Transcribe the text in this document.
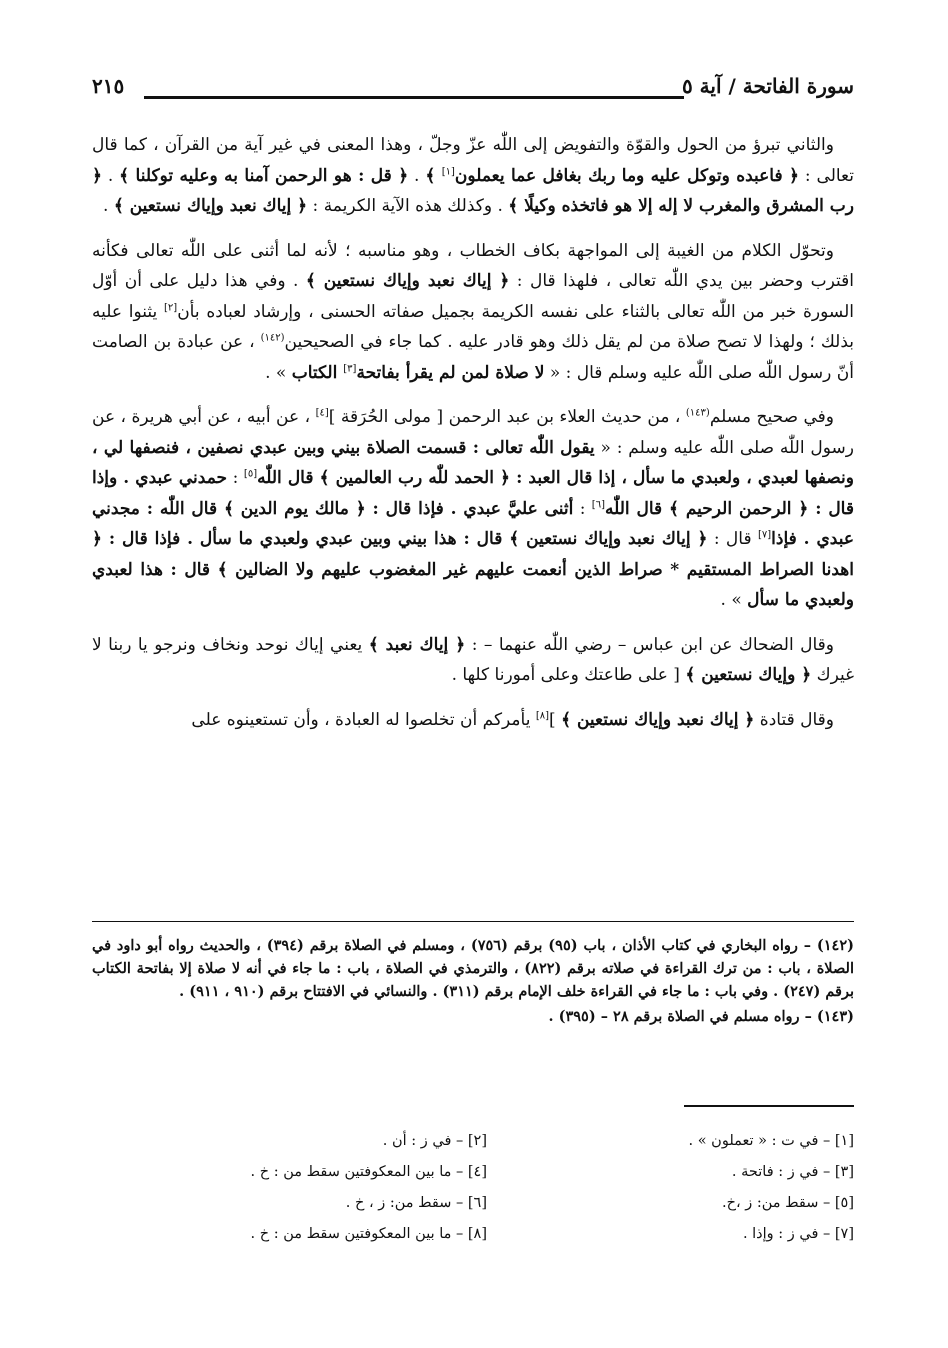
سورة الفاتحة / آية ٥
٢١٥

والثاني تبرؤ من الحول والقوّة والتفويض إلى اللّٰه عزّ وجلّ ، وهذا المعنى في غير آية من القرآن ، كما قال تعالى : ﴿ فاعبده وتوكل عليه وما ربك بغافل عما يعملون[١] ﴾ . ﴿ قل : هو الرحمن آمنا به وعليه توكلنا ﴾ . ﴿ رب المشرق والمغرب لا إله إلا هو فاتخذه وكيلًا ﴾ . وكذلك هذه الآية الكريمة : ﴿ إياك نعبد وإياك نستعين ﴾ .

وتحوّل الكلام من الغيبة إلى المواجهة بكاف الخطاب ، وهو مناسبه ؛ لأنه لما أثنى على اللّٰه تعالى فكأنه اقترب وحضر بين يدي اللّٰه تعالى ، فلهذا قال : ﴿ إياك نعبد وإياك نستعين ﴾ . وفي هذا دليل على أن أوّل السورة خبر من اللّٰه تعالى بالثناء على نفسه الكريمة بجميل صفاته الحسنى ، وإرشاد لعباده بأن[٢] يثنوا عليه بذلك ؛ ولهذا لا تصح صلاة من لم يقل ذلك وهو قادر عليه . كما جاء في الصحيحين$^{(١٤٢)}$ ، عن عبادة بن الصامت أنّ رسول اللّٰه صلى اللّٰه عليه وسلم قال : « لا صلاة لمن لم يقرأ بفاتحة[٣] الكتاب » .

وفي صحيح مسلم$^{(١٤٣)}$ ، من حديث العلاء بن عبد الرحمن [ مولى الحُرَقة ][٤] ، عن أبيه ، عن أبي هريرة ، عن رسول اللّٰه صلى اللّٰه عليه وسلم : « يقول اللّٰه تعالى : قسمت الصلاة بيني وبين عبدي نصفين ، فنصفها لي ، ونصفها لعبدي ، ولعبدي ما سأل ، إذا قال العبد : ﴿ الحمد للّٰه رب العالمين ﴾ قال اللّٰه[٥] : حمدني عبدي . وإذا قال : ﴿ الرحمن الرحيم ﴾ قال اللّٰه[٦] : أثنى عليَّ عبدي . فإذا قال : ﴿ مالك يوم الدين ﴾ قال اللّٰه : مجدني عبدي . فإذا[٧] قال : ﴿ إياك نعبد وإياك نستعين ﴾ قال : هذا بيني وبين عبدي ولعبدي ما سأل . فإذا قال : ﴿ اهدنا الصراط المستقيم * صراط الذين أنعمت عليهم غير المغضوب عليهم ولا الضالين ﴾ قال : هذا لعبدي ولعبدي ما سأل » .

وقال الضحاك عن ابن عباس – رضي اللّٰه عنهما – : ﴿ إياك نعبد ﴾ يعني إياك نوحد ونخاف ونرجو يا ربنا لا غيرك ﴿ وإياك نستعين ﴾ [ على طاعتك وعلى أمورنا كلها .

وقال قتادة ﴿ إياك نعبد وإياك نستعين ﴾ ][٨] يأمركم أن تخلصوا له العبادة ، وأن تستعينوه على

(١٤٢) – رواه البخاري في كتاب الأذان ، باب (٩٥) برقم (٧٥٦) ، ومسلم في الصلاة برقم (٣٩٤) ، والحديث رواه أبو داود في الصلاة ، باب : من ترك القراءة في صلاته برقم (٨٢٢) ، والترمذي في الصلاة ، باب : ما جاء في أنه لا صلاة إلا بفاتحة الكتاب برقم (٢٤٧) . وفي باب : ما جاء في القراءة خلف الإمام برقم (٣١١) . والنسائي في الافتتاح برقم (٩١٠ ، ٩١١) .

(١٤٣) – رواه مسلم في الصلاة برقم ٢٨ – (٣٩٥) .

[١] – في ت : « تعملون » .
[٢] – في ز : أن .
[٣] – في ز : فاتحة .
[٤] – ما بين المعكوفتين سقط من : خ .
[٥] – سقط من: ز ،خ.
[٦] – سقط من: ز ، خ .
[٧] – في ز : وإذا .
[٨] – ما بين المعكوفتين سقط من : خ .
